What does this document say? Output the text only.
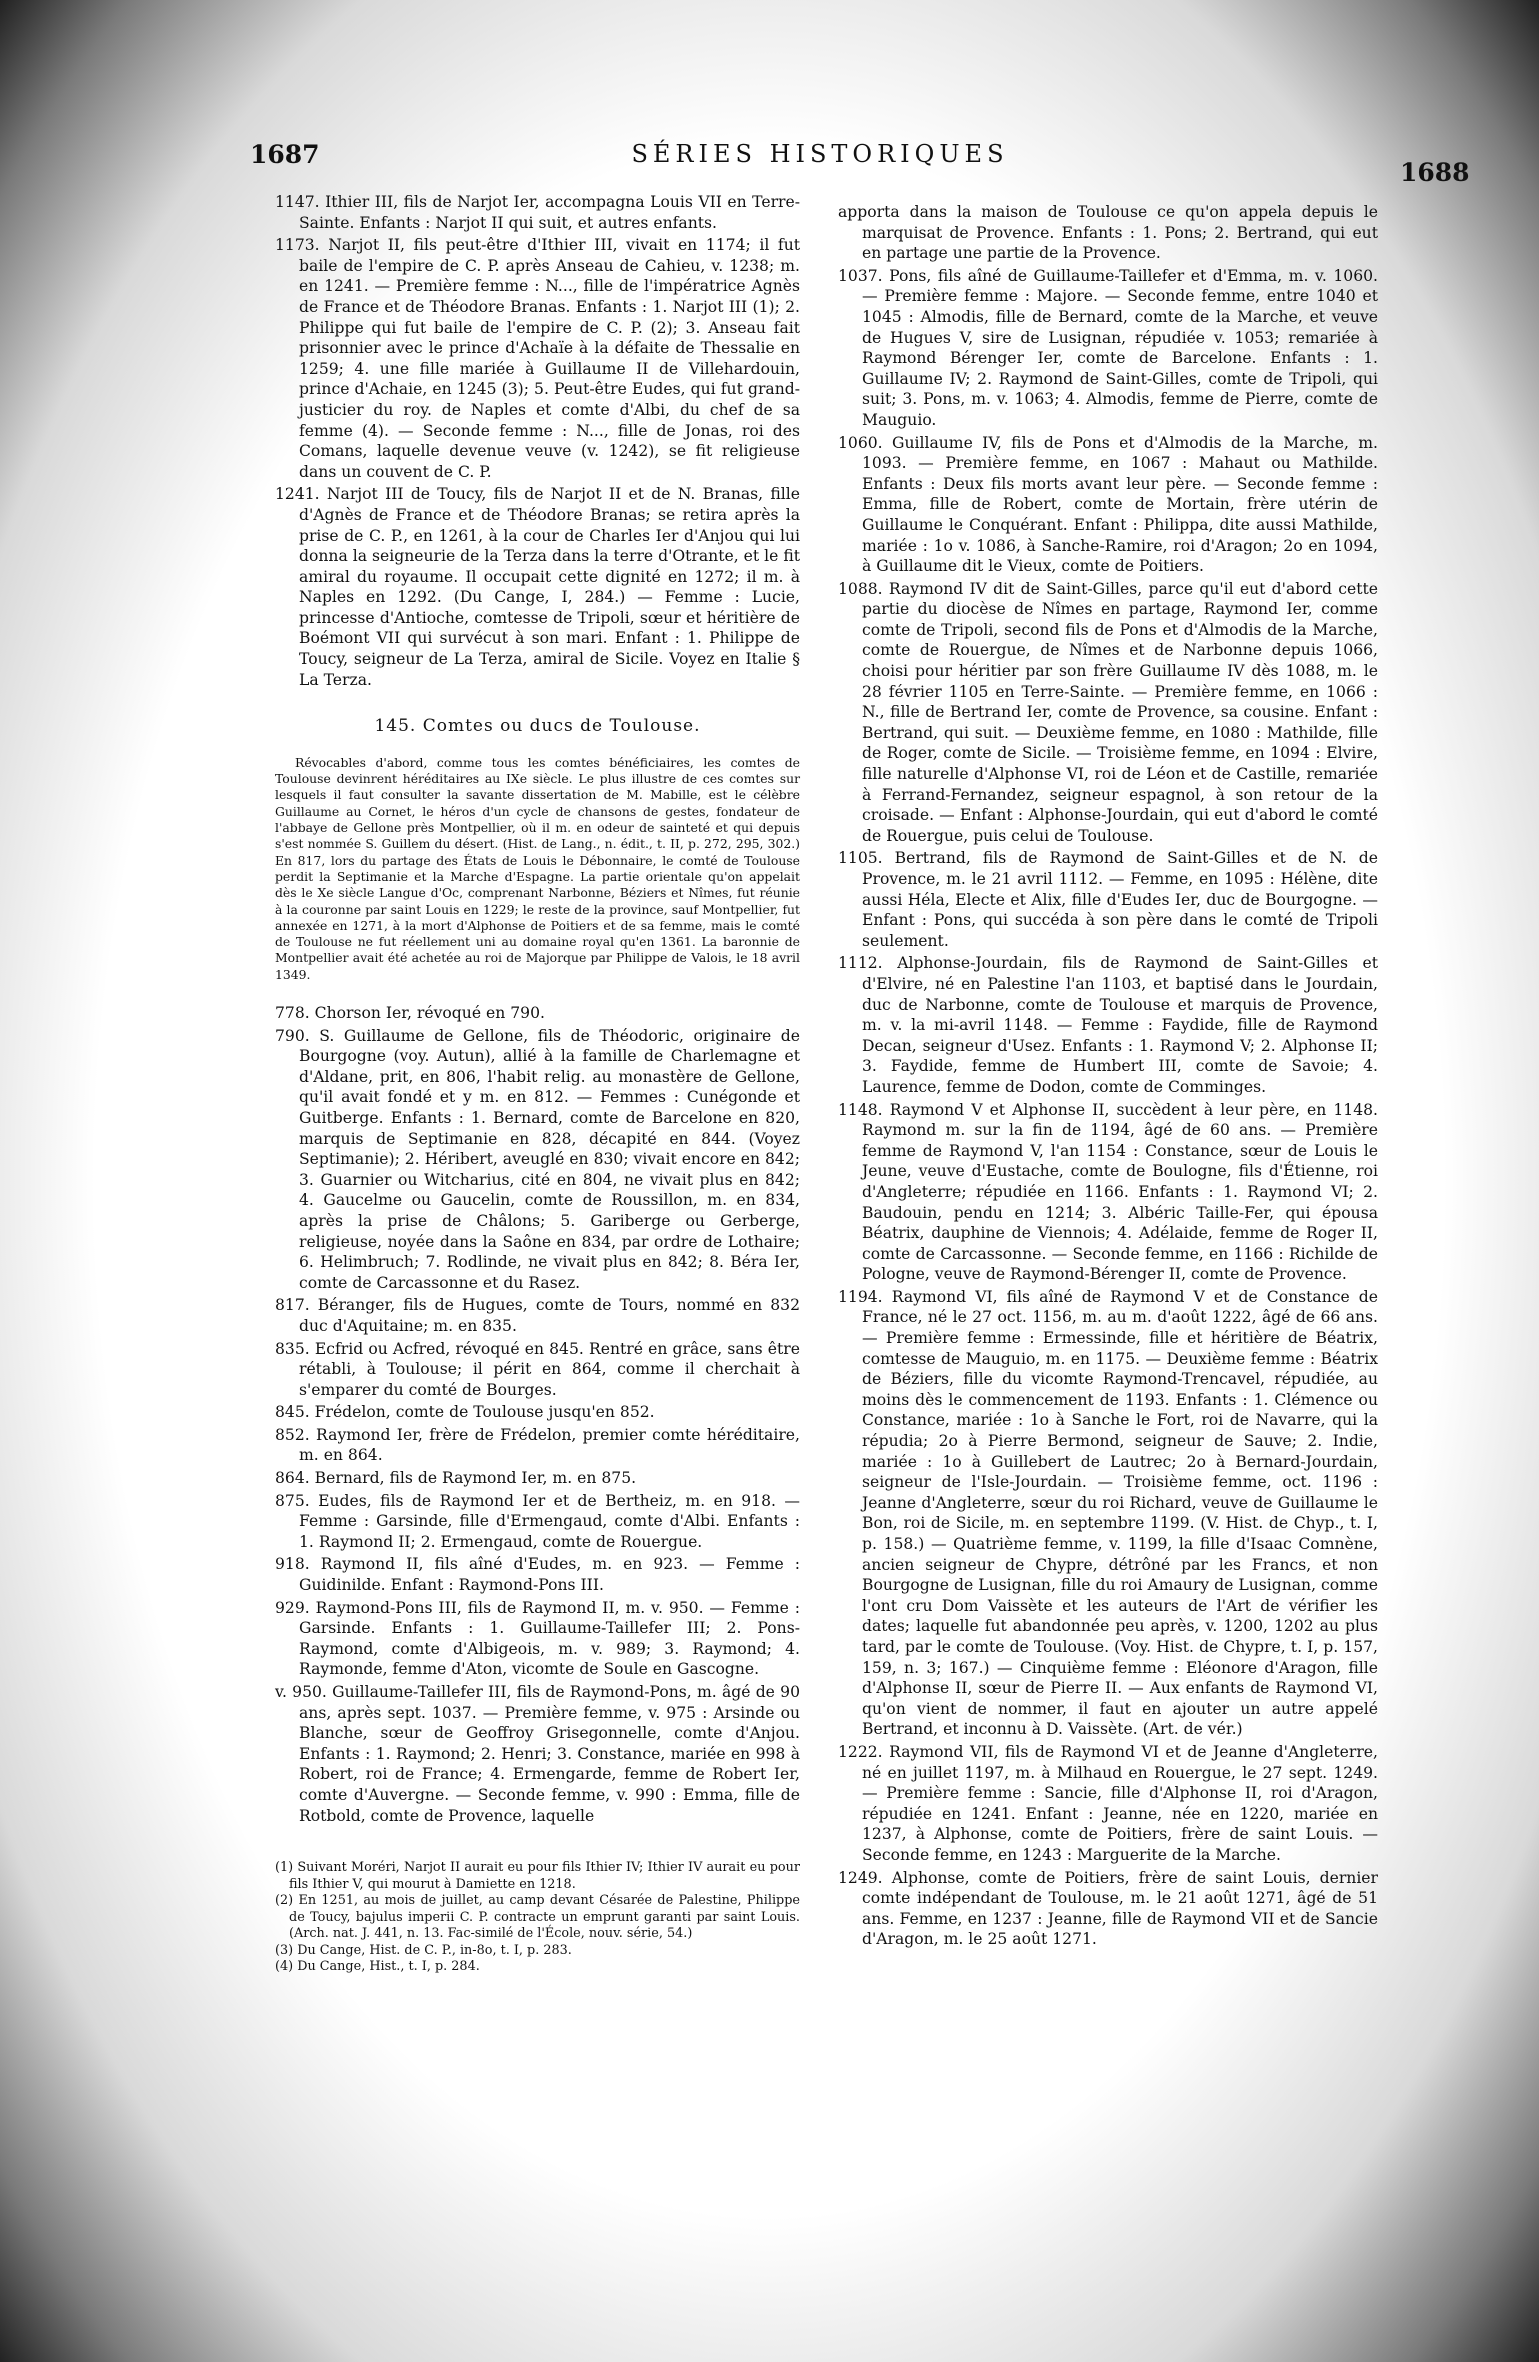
1687	SÉRIES HISTORIQUES
1688

1147. Ithier III, fils de Narjot Ier, accompagna Louis VII en Terre-Sainte. Enfants : Narjot II qui suit, et autres enfants.

1173. Narjot II, fils peut-être d'Ithier III, vivait en 1174; il fut baile de l'empire de C. P. après Anseau de Cahieu, v. 1238; m. en 1241. — Première femme : N..., fille de l'impératrice Agnès de France et de Théodore Branas. Enfants : 1. Narjot III (1); 2. Philippe qui fut baile de l'empire de C. P. (2); 3. Anseau fait prisonnier avec le prince d'Achaïe à la défaite de Thessalie en 1259; 4. une fille mariée à Guillaume II de Villehardouin, prince d'Achaie, en 1245 (3); 5. Peut-être Eudes, qui fut grand-justicier du roy. de Naples et comte d'Albi, du chef de sa femme (4). — Seconde femme : N..., fille de Jonas, roi des Comans, laquelle devenue veuve (v. 1242), se fit religieuse dans un couvent de C. P.

1241. Narjot III de Toucy, fils de Narjot II et de N. Branas, fille d'Agnès de France et de Théodore Branas; se retira après la prise de C. P., en 1261, à la cour de Charles Ier d'Anjou qui lui donna la seigneurie de la Terza dans la terre d'Otrante, et le fit amiral du royaume. Il occupait cette dignité en 1272; il m. à Naples en 1292. (Du Cange, I, 284.) — Femme : Lucie, princesse d'Antioche, comtesse de Tripoli, sœur et héritière de Boémont VII qui survécut à son mari. Enfant : 1. Philippe de Toucy, seigneur de La Terza, amiral de Sicile. Voyez en Italie § La Terza.

145. Comtes ou ducs de Toulouse.

Révocables d'abord, comme tous les comtes bénéficiaires, les comtes de Toulouse devinrent héréditaires au IXe siècle. Le plus illustre de ces comtes sur lesquels il faut consulter la savante dissertation de M. Mabille, est le célèbre Guillaume au Cornet, le héros d'un cycle de chansons de gestes, fondateur de l'abbaye de Gellone près Montpellier, où il m. en odeur de sainteté et qui depuis s'est nommée S. Guillem du désert. (Hist. de Lang., n. édit., t. II, p. 272, 295, 302.) En 817, lors du partage des États de Louis le Débonnaire, le comté de Toulouse perdit la Septimanie et la Marche d'Espagne. La partie orientale qu'on appelait dès le Xe siècle Langue d'Oc, comprenant Narbonne, Béziers et Nîmes, fut réunie à la couronne par saint Louis en 1229; le reste de la province, sauf Montpellier, fut annexée en 1271, à la mort d'Alphonse de Poitiers et de sa femme, mais le comté de Toulouse ne fut réellement uni au domaine royal qu'en 1361. La baronnie de Montpellier avait été achetée au roi de Majorque par Philippe de Valois, le 18 avril 1349.

778. Chorson Ier, révoqué en 790.

790. S. Guillaume de Gellone, fils de Théodoric, originaire de Bourgogne (voy. Autun), allié à la famille de Charlemagne et d'Aldane, prit, en 806, l'habit relig. au monastère de Gellone, qu'il avait fondé et y m. en 812. — Femmes : Cunégonde et Guitberge. Enfants : 1. Bernard, comte de Barcelone en 820, marquis de Septimanie en 828, décapité en 844. (Voyez Septimanie); 2. Héribert, aveuglé en 830; vivait encore en 842; 3. Guarnier ou Witcharius, cité en 804, ne vivait plus en 842; 4. Gaucelme ou Gaucelin, comte de Roussillon, m. en 834, après la prise de Châlons; 5. Gariberge ou Gerberge, religieuse, noyée dans la Saône en 834, par ordre de Lothaire; 6. Helimbruch; 7. Rodlinde, ne vivait plus en 842; 8. Béra Ier, comte de Carcassonne et du Rasez.

817. Béranger, fils de Hugues, comte de Tours, nommé en 832 duc d'Aquitaine; m. en 835.

835. Ecfrid ou Acfred, révoqué en 845. Rentré en grâce, sans être rétabli, à Toulouse; il périt en 864, comme il cherchait à s'emparer du comté de Bourges.

845. Frédelon, comte de Toulouse jusqu'en 852.

852. Raymond Ier, frère de Frédelon, premier comte héréditaire, m. en 864.

864. Bernard, fils de Raymond Ier, m. en 875.

875. Eudes, fils de Raymond Ier et de Bertheiz, m. en 918. — Femme : Garsinde, fille d'Ermengaud, comte d'Albi. Enfants : 1. Raymond II; 2. Ermengaud, comte de Rouergue.

918. Raymond II, fils aîné d'Eudes, m. en 923. — Femme : Guidinilde. Enfant : Raymond-Pons III.

929. Raymond-Pons III, fils de Raymond II, m. v. 950. — Femme : Garsinde. Enfants : 1. Guillaume-Taillefer III; 2. Pons-Raymond, comte d'Albigeois, m. v. 989; 3. Raymond; 4. Raymonde, femme d'Aton, vicomte de Soule en Gascogne.

v. 950. Guillaume-Taillefer III, fils de Raymond-Pons, m. âgé de 90 ans, après sept. 1037. — Première femme, v. 975 : Arsinde ou Blanche, sœur de Geoffroy Grisegonnelle, comte d'Anjou. Enfants : 1. Raymond; 2. Henri; 3. Constance, mariée en 998 à Robert, roi de France; 4. Ermengarde, femme de Robert Ier, comte d'Auvergne. — Seconde femme, v. 990 : Emma, fille de Rotbold, comte de Provence, laquelle

(1) Suivant Moréri, Narjot II aurait eu pour fils Ithier IV; Ithier IV aurait eu pour fils Ithier V, qui mourut à Damiette en 1218.
(2) En 1251, au mois de juillet, au camp devant Césarée de Palestine, Philippe de Toucy, bajulus imperii C. P. contracte un emprunt garanti par saint Louis. (Arch. nat. J. 441, n. 13. Fac-similé de l'École, nouv. série, 54.)
(3) Du Cange, Hist. de C. P., in-8o, t. I, p. 283.
(4) Du Cange, Hist., t. I, p. 284.

apporta dans la maison de Toulouse ce qu'on appela depuis le marquisat de Provence. Enfants : 1. Pons; 2. Bertrand, qui eut en partage une partie de la Provence.

1037. Pons, fils aîné de Guillaume-Taillefer et d'Emma, m. v. 1060. — Première femme : Majore. — Seconde femme, entre 1040 et 1045 : Almodis, fille de Bernard, comte de la Marche, et veuve de Hugues V, sire de Lusignan, répudiée v. 1053; remariée à Raymond Bérenger Ier, comte de Barcelone. Enfants : 1. Guillaume IV; 2. Raymond de Saint-Gilles, comte de Tripoli, qui suit; 3. Pons, m. v. 1063; 4. Almodis, femme de Pierre, comte de Mauguio.

1060. Guillaume IV, fils de Pons et d'Almodis de la Marche, m. 1093. — Première femme, en 1067 : Mahaut ou Mathilde. Enfants : Deux fils morts avant leur père. — Seconde femme : Emma, fille de Robert, comte de Mortain, frère utérin de Guillaume le Conquérant. Enfant : Philippa, dite aussi Mathilde, mariée : 1o v. 1086, à Sanche-Ramire, roi d'Aragon; 2o en 1094, à Guillaume dit le Vieux, comte de Poitiers.

1088. Raymond IV dit de Saint-Gilles, parce qu'il eut d'abord cette partie du diocèse de Nîmes en partage, Raymond Ier, comme comte de Tripoli, second fils de Pons et d'Almodis de la Marche, comte de Rouergue, de Nîmes et de Narbonne depuis 1066, choisi pour héritier par son frère Guillaume IV dès 1088, m. le 28 février 1105 en Terre-Sainte. — Première femme, en 1066 : N., fille de Bertrand Ier, comte de Provence, sa cousine. Enfant : Bertrand, qui suit. — Deuxième femme, en 1080 : Mathilde, fille de Roger, comte de Sicile. — Troisième femme, en 1094 : Elvire, fille naturelle d'Alphonse VI, roi de Léon et de Castille, remariée à Ferrand-Fernandez, seigneur espagnol, à son retour de la croisade. — Enfant : Alphonse-Jourdain, qui eut d'abord le comté de Rouergue, puis celui de Toulouse.

1105. Bertrand, fils de Raymond de Saint-Gilles et de N. de Provence, m. le 21 avril 1112. — Femme, en 1095 : Hélène, dite aussi Héla, Electe et Alix, fille d'Eudes Ier, duc de Bourgogne. — Enfant : Pons, qui succéda à son père dans le comté de Tripoli seulement.

1112. Alphonse-Jourdain, fils de Raymond de Saint-Gilles et d'Elvire, né en Palestine l'an 1103, et baptisé dans le Jourdain, duc de Narbonne, comte de Toulouse et marquis de Provence, m. v. la mi-avril 1148. — Femme : Faydide, fille de Raymond Decan, seigneur d'Usez. Enfants : 1. Raymond V; 2. Alphonse II; 3. Faydide, femme de Humbert III, comte de Savoie; 4. Laurence, femme de Dodon, comte de Comminges.

1148. Raymond V et Alphonse II, succèdent à leur père, en 1148. Raymond m. sur la fin de 1194, âgé de 60 ans. — Première femme de Raymond V, l'an 1154 : Constance, sœur de Louis le Jeune, veuve d'Eustache, comte de Boulogne, fils d'Étienne, roi d'Angleterre; répudiée en 1166. Enfants : 1. Raymond VI; 2. Baudouin, pendu en 1214; 3. Albéric Taille-Fer, qui épousa Béatrix, dauphine de Viennois; 4. Adélaide, femme de Roger II, comte de Carcassonne. — Seconde femme, en 1166 : Richilde de Pologne, veuve de Raymond-Bérenger II, comte de Provence.

1194. Raymond VI, fils aîné de Raymond V et de Constance de France, né le 27 oct. 1156, m. au m. d'août 1222, âgé de 66 ans. — Première femme : Ermessinde, fille et héritière de Béatrix, comtesse de Mauguio, m. en 1175. — Deuxième femme : Béatrix de Béziers, fille du vicomte Raymond-Trencavel, répudiée, au moins dès le commencement de 1193. Enfants : 1. Clémence ou Constance, mariée : 1o à Sanche le Fort, roi de Navarre, qui la répudia; 2o à Pierre Bermond, seigneur de Sauve; 2. Indie, mariée : 1o à Guillebert de Lautrec; 2o à Bernard-Jourdain, seigneur de l'Isle-Jourdain. — Troisième femme, oct. 1196 : Jeanne d'Angleterre, sœur du roi Richard, veuve de Guillaume le Bon, roi de Sicile, m. en septembre 1199. (V. Hist. de Chyp., t. I, p. 158.) — Quatrième femme, v. 1199, la fille d'Isaac Comnène, ancien seigneur de Chypre, détrôné par les Francs, et non Bourgogne de Lusignan, fille du roi Amaury de Lusignan, comme l'ont cru Dom Vaissète et les auteurs de l'Art de vérifier les dates; laquelle fut abandonnée peu après, v. 1200, 1202 au plus tard, par le comte de Toulouse. (Voy. Hist. de Chypre, t. I, p. 157, 159, n. 3; 167.) — Cinquième femme : Eléonore d'Aragon, fille d'Alphonse II, sœur de Pierre II. — Aux enfants de Raymond VI, qu'on vient de nommer, il faut en ajouter un autre appelé Bertrand, et inconnu à D. Vaissète. (Art. de vér.)

1222. Raymond VII, fils de Raymond VI et de Jeanne d'Angleterre, né en juillet 1197, m. à Milhaud en Rouergue, le 27 sept. 1249. — Première femme : Sancie, fille d'Alphonse II, roi d'Aragon, répudiée en 1241. Enfant : Jeanne, née en 1220, mariée en 1237, à Alphonse, comte de Poitiers, frère de saint Louis. — Seconde femme, en 1243 : Marguerite de la Marche.

1249. Alphonse, comte de Poitiers, frère de saint Louis, dernier comte indépendant de Toulouse, m. le 21 août 1271, âgé de 51 ans. Femme, en 1237 : Jeanne, fille de Raymond VII et de Sancie d'Aragon, m. le 25 août 1271.
